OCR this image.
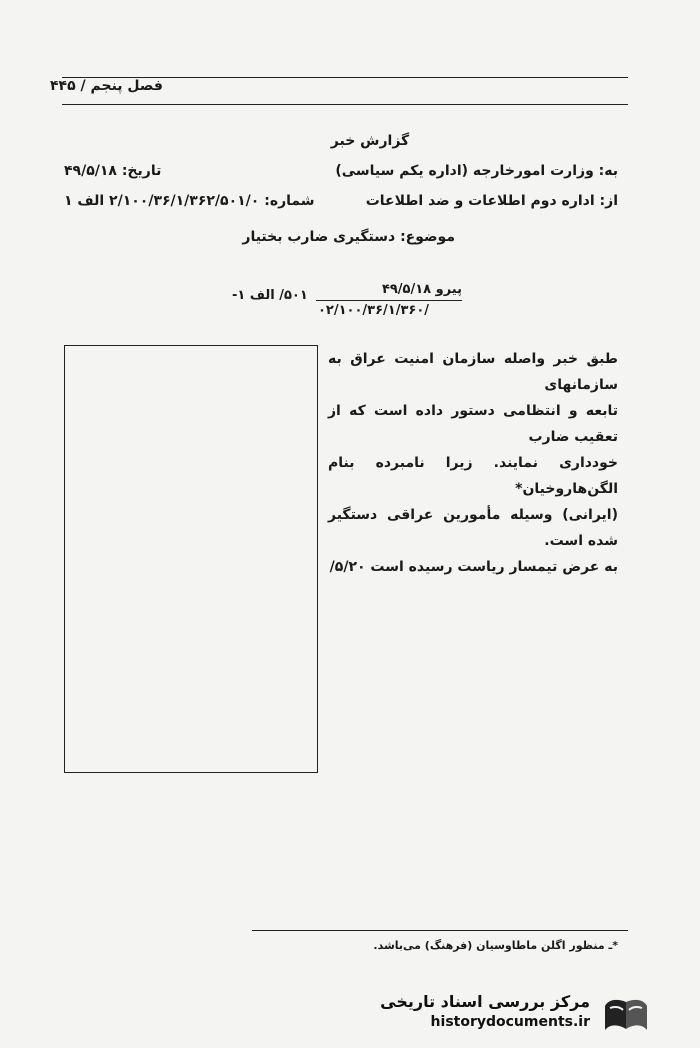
فصل پنجم / ۴۴۵
گزارش خبر
به: وزارت امورخارجه (اداره یکم سیاسی)
تاریخ: ۴۹/۵/۱۸
از: اداره دوم اطلاعات و ضد اطلاعات
شماره: ۲/۱۰۰/۳۶/۱/۳۶۲/۵۰۱/۰ الف ۱
موضوع: دستگیری ضارب بختیار
پیرو ۴۹/۵/۱۸
۵۰۱/ الف ۱-
/۰۲/۱۰۰/۳۶/۱/۳۶۰

طبق خبر واصله سازمان امنیت عراق به سازمانهای

تابعه و انتظامی دستور داده است که از تعقیب ضارب

خودداری نمایند. زیرا نامبرده بنام الگن‌هاروخیان*

(ایرانی) وسیله مأمورین عراقی دستگیر شده است.

به عرض تیمسار ریاست رسیده است ۵/۲۰/

*ـ منظور اگلن ماطاوسیان (فرهنگ) می‌باشد.
مرکز بررسی اسناد تاریخی
historydocuments.ir
